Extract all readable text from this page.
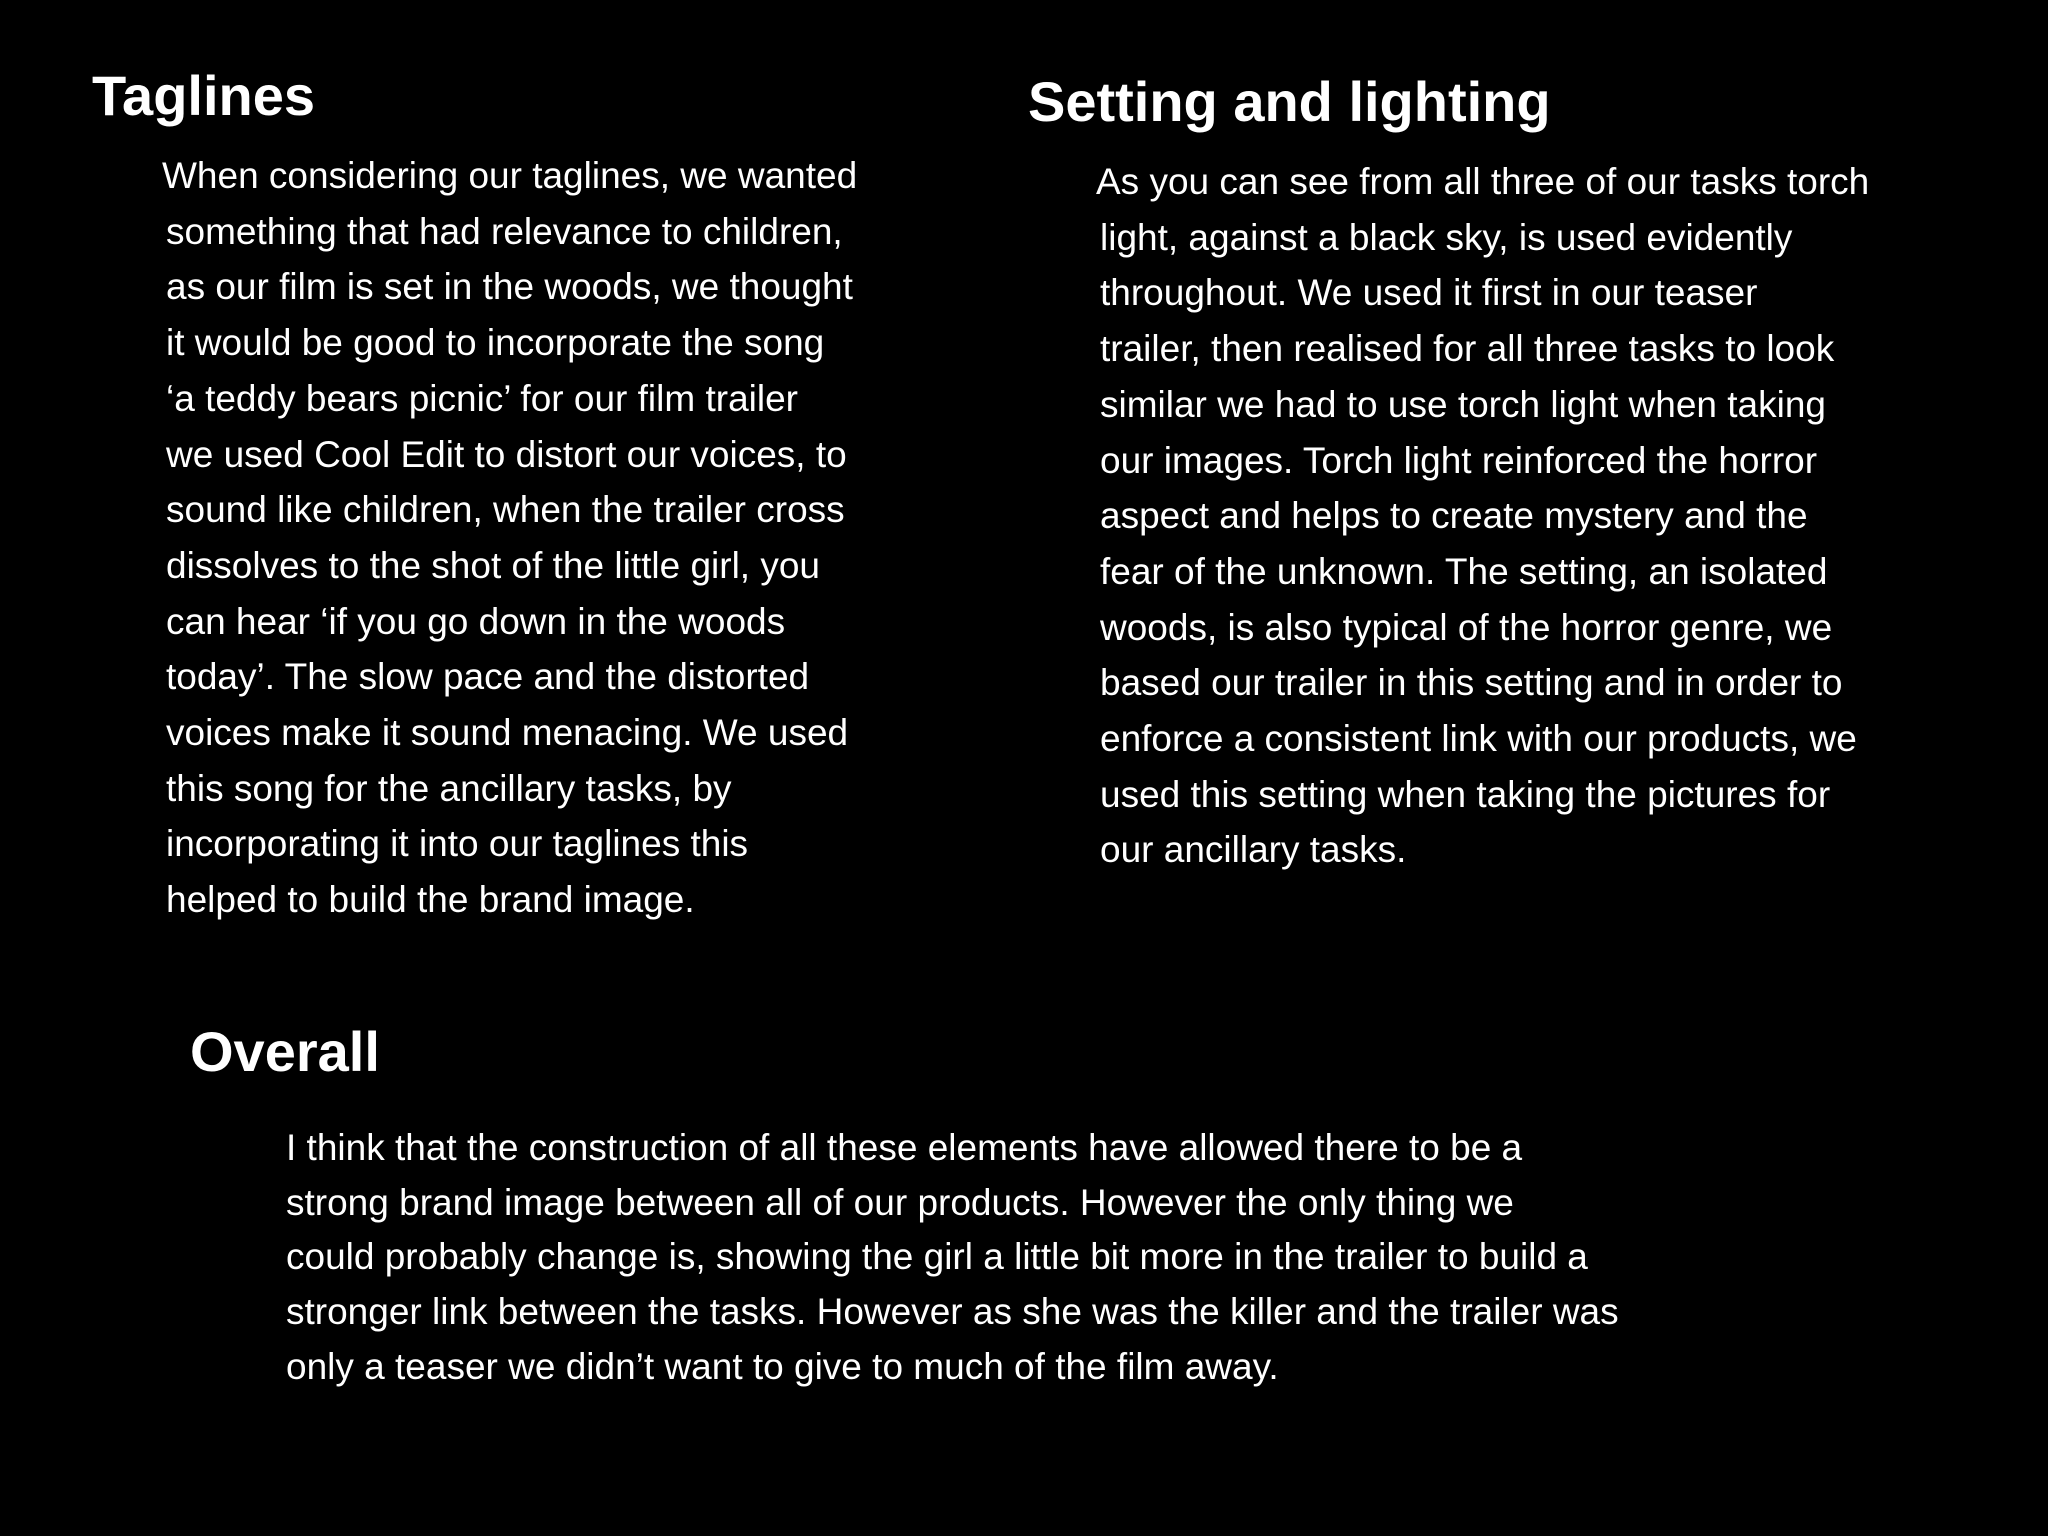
Taglines
When considering our taglines, we wanted
something that had relevance to children,
as our film is set in the woods, we thought
it would be good to incorporate the song
‘a teddy bears picnic’ for our film trailer
we used Cool Edit to distort our voices, to
sound like children, when the trailer cross
dissolves to the shot of the little girl, you
can hear ‘if you go down in the woods
today’. The slow pace and the distorted
voices make it sound menacing. We used
this song for the ancillary tasks, by
incorporating it into our taglines this
helped to build the brand image.
Setting and lighting
As you can see from all three of our tasks torch
light, against a black sky, is used evidently
throughout. We used it first in our teaser
trailer, then realised for all three tasks to look
similar we had to use torch light when taking
our images. Torch light reinforced the horror
aspect and helps to create mystery and the
fear of the unknown. The setting, an isolated
woods, is also typical of the horror genre, we
based our trailer in this setting and in order to
enforce a consistent link with our products, we
used this setting when taking the pictures for
our ancillary tasks.
Overall
I think that the construction of all these elements have allowed there to be a
strong brand image between all of our products. However the only thing we
could probably change is, showing the girl a little bit more in the trailer to build a
stronger link between the tasks. However as she was the killer and the trailer was
only a teaser we didn’t want to give to much of the film away.
